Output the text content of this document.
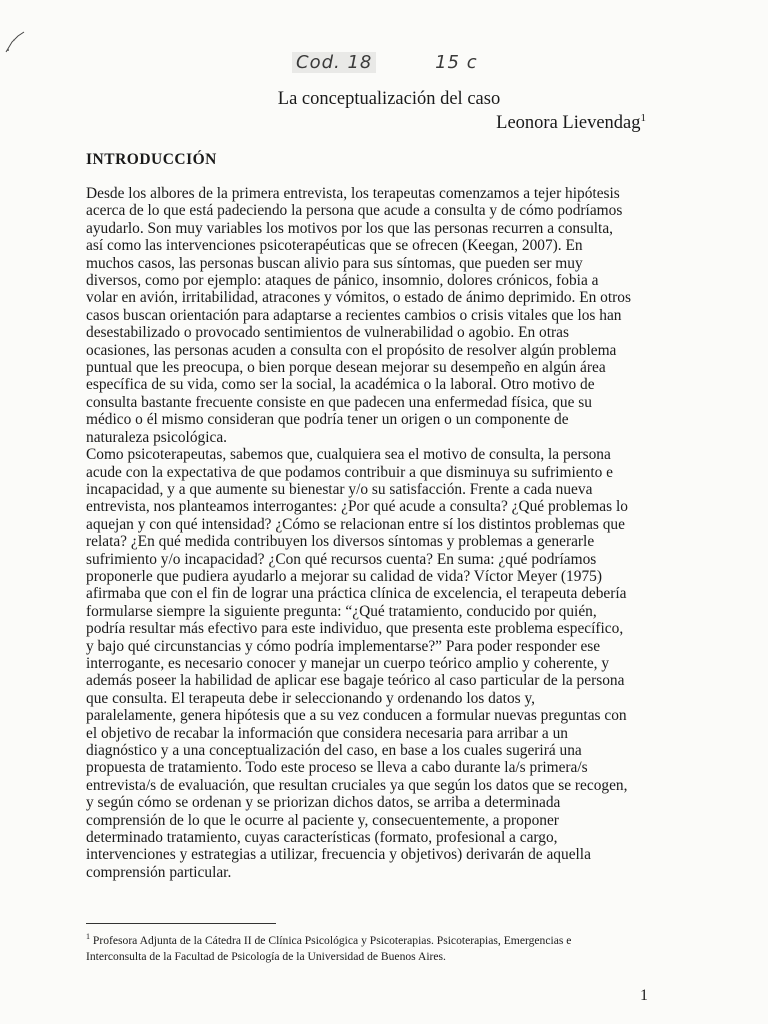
Cod. 18	15 c
La conceptualización del caso
Leonora Lievendag$^1$
INTRODUCCIÓN

Desde los albores de la primera entrevista, los terapeutas comenzamos a tejer hipótesis

acerca de lo que está padeciendo la persona que acude a consulta y de cómo podríamos

ayudarlo. Son muy variables los motivos por los que las personas recurren a consulta,

así como las intervenciones psicoterapéuticas que se ofrecen (Keegan, 2007). En

muchos casos, las personas buscan alivio para sus síntomas, que pueden ser muy

diversos, como por ejemplo: ataques de pánico, insomnio, dolores crónicos, fobia a

volar en avión, irritabilidad, atracones y vómitos, o estado de ánimo deprimido. En otros

casos buscan orientación para adaptarse a recientes cambios o crisis vitales que los han

desestabilizado o provocado sentimientos de vulnerabilidad o agobio. En otras

ocasiones, las personas acuden a consulta con el propósito de resolver algún problema

puntual que les preocupa, o bien porque desean mejorar su desempeño en algún área

específica de su vida, como ser la social, la académica o la laboral. Otro motivo de

consulta bastante frecuente consiste en que padecen una enfermedad física, que su

médico o él mismo consideran que podría tener un origen o un componente de

naturaleza psicológica.

Como psicoterapeutas, sabemos que, cualquiera sea el motivo de consulta, la persona

acude con la expectativa de que podamos contribuir a que disminuya su sufrimiento e

incapacidad, y a que aumente su bienestar y/o su satisfacción. Frente a cada nueva

entrevista, nos planteamos interrogantes: ¿Por qué acude a consulta? ¿Qué problemas lo

aquejan y con qué intensidad? ¿Cómo se relacionan entre sí los distintos problemas que

relata? ¿En qué medida contribuyen los diversos síntomas y problemas a generarle

sufrimiento y/o incapacidad? ¿Con qué recursos cuenta? En suma: ¿qué podríamos

proponerle que pudiera ayudarlo a mejorar su calidad de vida? Víctor Meyer (1975)

afirmaba que con el fin de lograr una práctica clínica de excelencia, el terapeuta debería

formularse siempre la siguiente pregunta: “¿Qué tratamiento, conducido por quién,

podría resultar más efectivo para este individuo, que presenta este problema específico,

y bajo qué circunstancias y cómo podría implementarse?” Para poder responder ese

interrogante, es necesario conocer y manejar un cuerpo teórico amplio y coherente, y

además poseer la habilidad de aplicar ese bagaje teórico al caso particular de la persona

que consulta. El terapeuta debe ir seleccionando y ordenando los datos y,

paralelamente, genera hipótesis que a su vez conducen a formular nuevas preguntas con

el objetivo de recabar la información que considera necesaria para arribar a un

diagnóstico y a una conceptualización del caso, en base a los cuales sugerirá una

propuesta de tratamiento. Todo este proceso se lleva a cabo durante la/s primera/s

entrevista/s de evaluación, que resultan cruciales ya que según los datos que se recogen,

y según cómo se ordenan y se priorizan dichos datos, se arriba a determinada

comprensión de lo que le ocurre al paciente y, consecuentemente, a proponer

determinado tratamiento, cuyas características (formato, profesional a cargo,

intervenciones y estrategias a utilizar, frecuencia y objetivos) derivarán de aquella

comprensión particular.

$^1$ Profesora Adjunta de la Cátedra II de Clínica Psicológica y Psicoterapias. Psicoterapias, Emergencias e
Interconsulta de la Facultad de Psicología de la Universidad de Buenos Aires.
1
